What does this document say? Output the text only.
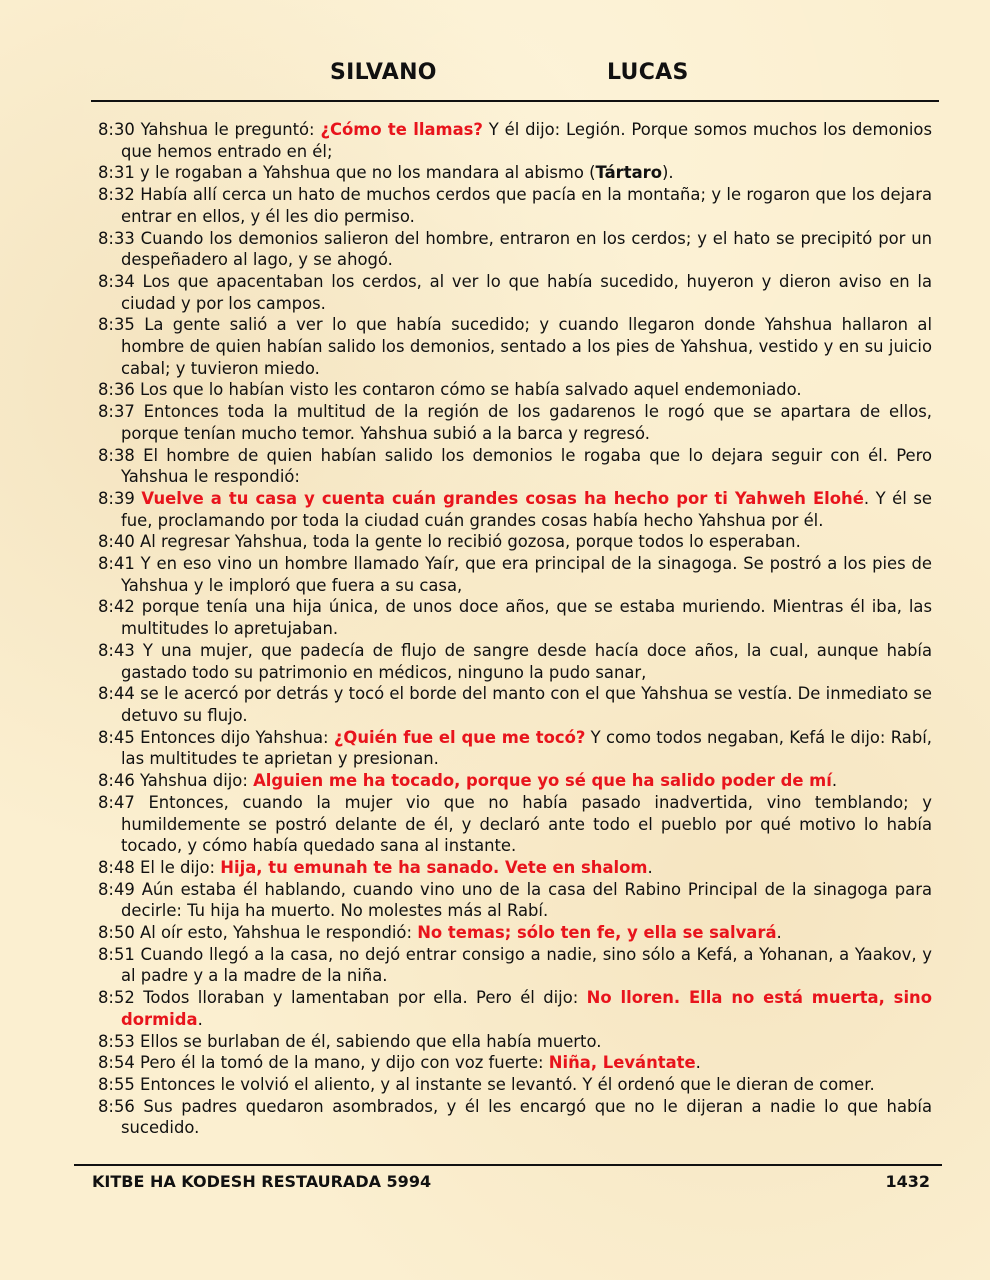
SILVANO	LUCAS

8:30 Yahshua le preguntó: ¿Cómo te llamas? Y él dijo: Legión. Porque somos muchos los demonios que hemos entrado en él;

8:31 y le rogaban a Yahshua que no los mandara al abismo (Tártaro).

8:32 Había allí cerca un hato de muchos cerdos que pacía en la montaña; y le rogaron que los dejara entrar en ellos, y él les dio permiso.

8:33 Cuando los demonios salieron del hombre, entraron en los cerdos; y el hato se precipitó por un despeñadero al lago, y se ahogó.

8:34 Los que apacentaban los cerdos, al ver lo que había sucedido, huyeron y dieron aviso en la ciudad y por los campos.

8:35 La gente salió a ver lo que había sucedido; y cuando llegaron donde Yahshua hallaron al hombre de quien habían salido los demonios, sentado a los pies de Yahshua, vestido y en su juicio cabal; y tuvieron miedo.

8:36 Los que lo habían visto les contaron cómo se había salvado aquel endemoniado.

8:37 Entonces toda la multitud de la región de los gadarenos le rogó que se apartara de ellos, porque tenían mucho temor. Yahshua subió a la barca y regresó.

8:38 El hombre de quien habían salido los demonios le rogaba que lo dejara seguir con él. Pero Yahshua le respondió:

8:39 Vuelve a tu casa y cuenta cuán grandes cosas ha hecho por ti Yahweh Elohé. Y él se fue, proclamando por toda la ciudad cuán grandes cosas había hecho Yahshua por él.

8:40 Al regresar Yahshua, toda la gente lo recibió gozosa, porque todos lo esperaban.

8:41 Y en eso vino un hombre llamado Yaír, que era principal de la sinagoga. Se postró a los pies de Yahshua y le imploró que fuera a su casa,

8:42 porque tenía una hija única, de unos doce años, que se estaba muriendo. Mientras él iba, las multitudes lo apretujaban.

8:43 Y una mujer, que padecía de flujo de sangre desde hacía doce años, la cual, aunque había gastado todo su patrimonio en médicos, ninguno la pudo sanar,

8:44 se le acercó por detrás y tocó el borde del manto con el que Yahshua se vestía. De inmediato se detuvo su flujo.

8:45 Entonces dijo Yahshua: ¿Quién fue el que me tocó? Y como todos negaban, Kefá le dijo: Rabí, las multitudes te aprietan y presionan.

8:46 Yahshua dijo: Alguien me ha tocado, porque yo sé que ha salido poder de mí.

8:47 Entonces, cuando la mujer vio que no había pasado inadvertida, vino temblando; y humildemente se postró delante de él, y declaró ante todo el pueblo por qué motivo lo había tocado, y cómo había quedado sana al instante.

8:48 El le dijo: Hija, tu emunah te ha sanado. Vete en shalom.

8:49 Aún estaba él hablando, cuando vino uno de la casa del Rabino Principal de la sinagoga para decirle: Tu hija ha muerto. No molestes más al Rabí.

8:50 Al oír esto, Yahshua le respondió: No temas; sólo ten fe, y ella se salvará.

8:51 Cuando llegó a la casa, no dejó entrar consigo a nadie, sino sólo a Kefá, a Yohanan, a Yaakov, y al padre y a la madre de la niña.

8:52 Todos lloraban y lamentaban por ella. Pero él dijo: No lloren. Ella no está muerta, sino dormida.

8:53 Ellos se burlaban de él, sabiendo que ella había muerto.

8:54 Pero él la tomó de la mano, y dijo con voz fuerte: Niña, Levántate.

8:55 Entonces le volvió el aliento, y al instante se levantó. Y él ordenó que le dieran de comer.

8:56 Sus padres quedaron asombrados, y él les encargó que no le dijeran a nadie lo que había sucedido.

KITBE HA KODESH RESTAURADA 5994	1432
